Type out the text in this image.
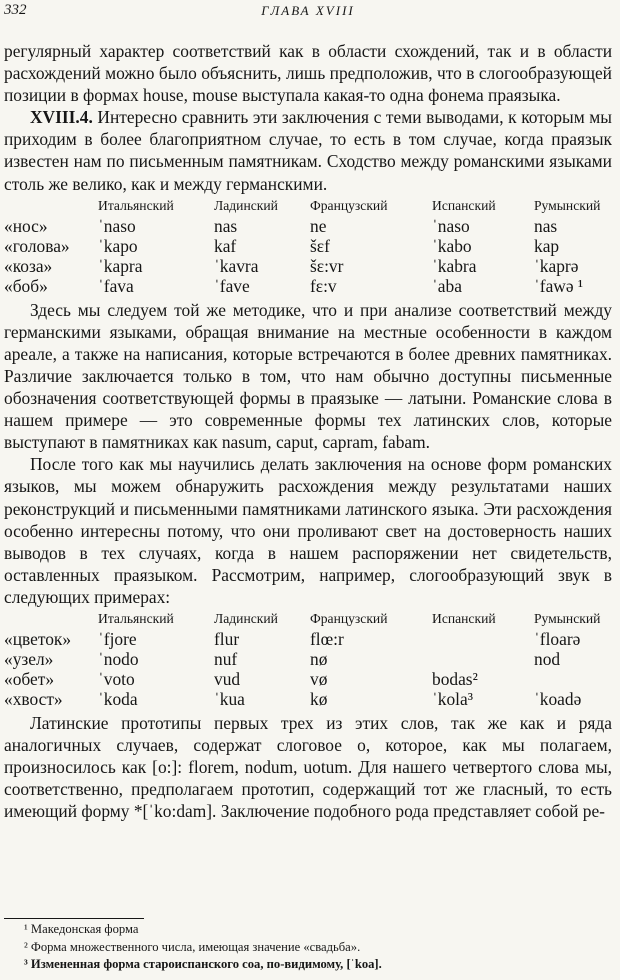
332	ГЛАВА XVIII

регулярный характер соответствий как в области схождений, так и в области расхождений можно было объяснить, лишь предположив, что в слогообразующей позиции в формах house, mouse выступала какая-то одна фонема праязыка.

XVIII.4. Интересно сравнить эти заключения с теми выводами, к которым мы приходим в более благоприятном случае, то есть в том случае, когда праязык известен нам по письменным памятникам. Сходство между романскими языками столь же велико, как и между германскими.

	Итальянский	Ладинский	Французский	Испанский	Румынский
«нос»	ˈnaso	nas	ne	ˈnaso	nas
«голова»	ˈkapo	kaf	šɛf	ˈkabo	kap
«коза»	ˈkapra	ˈkavra	šɛ:vr	ˈkabra	ˈkaprə
«боб»	ˈfava	ˈfave	fɛ:v	ˈaba	ˈfawə ¹

Здесь мы следуем той же методике, что и при анализе соответствий между германскими языками, обращая внимание на местные особенности в каждом ареале, а также на написания, которые встречаются в более древних памятниках. Различие заключается только в том, что нам обычно доступны письменные обозначения соответствующей формы в праязыке — латыни. Романские слова в нашем примере — это современные формы тех латинских слов, которые выступают в памятниках как nasum, caput, capram, fabam.

После того как мы научились делать заключения на основе форм романских языков, мы можем обнаружить расхождения между результатами наших реконструкций и письменными памятниками латинского языка. Эти расхождения особенно интересны потому, что они проливают свет на достоверность наших выводов в тех случаях, когда в нашем распоряжении нет свидетельств, оставленных праязыком. Рассмотрим, например, слогообразующий звук в следующих примерах:

	Итальянский	Ладинский	Французский	Испанский	Румынский
«цветок»	ˈfjore	flur	flœ:r		ˈfloarə
«узел»	ˈnodo	nuf	nø		nod
«обет»	ˈvoto	vud	vø	bodas²	
«хвост»	ˈkoda	ˈkua	kø	ˈkola³	ˈkoadə

Латинские прототипы первых трех из этих слов, так же как и ряда аналогичных случаев, содержат слоговое о, которое, как мы полагаем, произносилось как [o:]: florem, nodum, uotum. Для нашего четвертого слова мы, соответственно, предполагаем прототип, содержащий тот же гласный, то есть имеющий форму *[ˈko:dam]. Заключение подобного рода представляет собой ре-

¹ Македонская форма
² Форма множественного числа, имеющая значение «свадьба».
³ Измененная форма староиспанского coa, по-видимому, [ˈkoa].
